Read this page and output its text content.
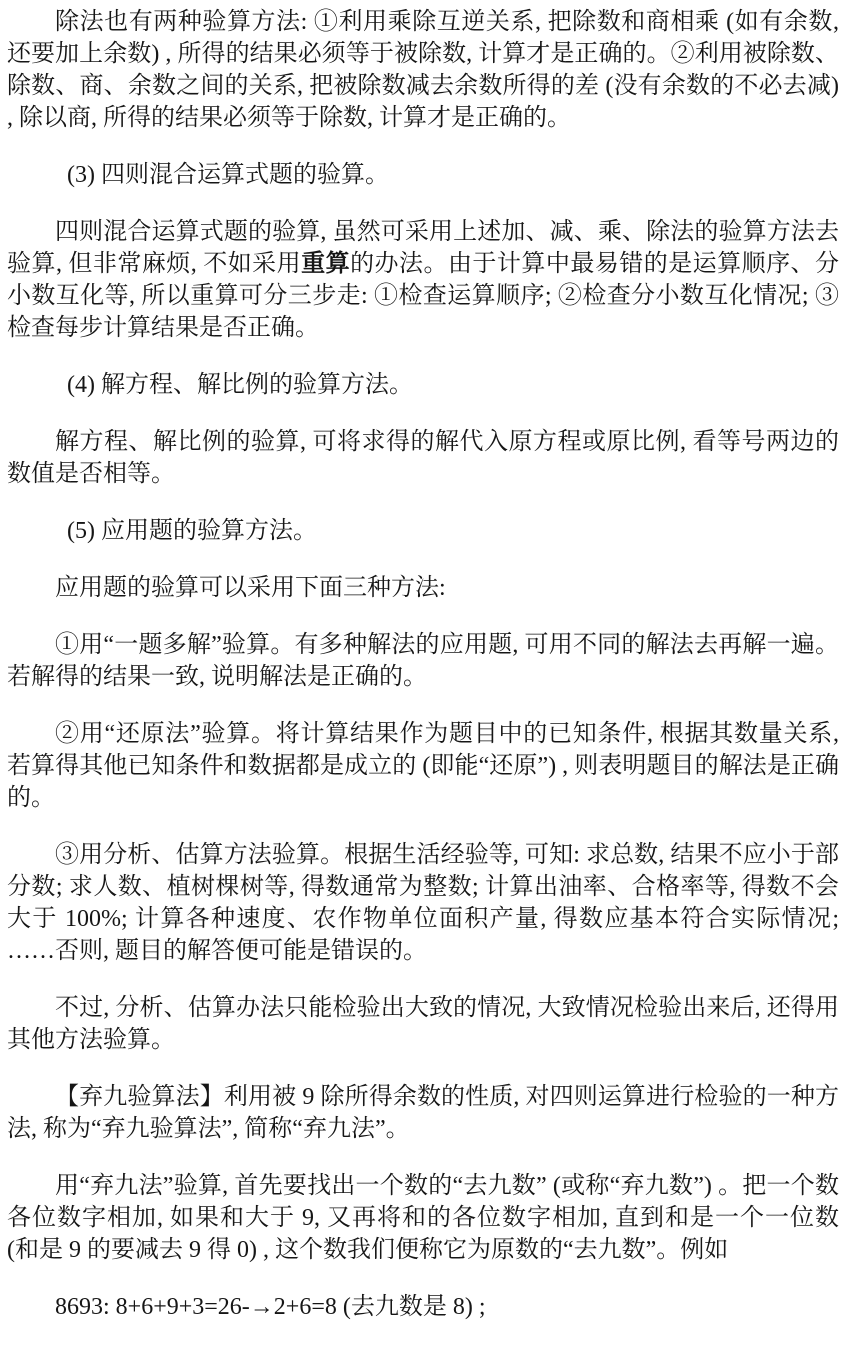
除法也有两种验算方法: ①利用乘除互逆关系, 把除数和商相乘 (如有余数, 还要加上余数) , 所得的结果必须等于被除数, 计算才是正确的。②利用被除数、除数、商、余数之间的关系, 把被除数减去余数所得的差 (没有余数的不必去减) , 除以商, 所得的结果必须等于除数, 计算才是正确的。

(3) 四则混合运算式题的验算。

四则混合运算式题的验算, 虽然可采用上述加、减、乘、除法的验算方法去验算, 但非常麻烦, 不如采用重算的办法。由于计算中最易错的是运算顺序、分小数互化等, 所以重算可分三步走: ①检查运算顺序; ②检查分小数互化情况; ③检查每步计算结果是否正确。

(4) 解方程、解比例的验算方法。

解方程、解比例的验算, 可将求得的解代入原方程或原比例, 看等号两边的数值是否相等。

(5) 应用题的验算方法。

应用题的验算可以采用下面三种方法:

①用“一题多解”验算。有多种解法的应用题, 可用不同的解法去再解一遍。若解得的结果一致, 说明解法是正确的。

②用“还原法”验算。将计算结果作为题目中的已知条件, 根据其数量关系, 若算得其他已知条件和数据都是成立的 (即能“还原”) , 则表明题目的解法是正确的。

③用分析、估算方法验算。根据生活经验等, 可知: 求总数, 结果不应小于部分数; 求人数、植树棵树等, 得数通常为整数; 计算出油率、合格率等, 得数不会大于 100%; 计算各种速度、农作物单位面积产量, 得数应基本符合实际情况; ……否则, 题目的解答便可能是错误的。

不过, 分析、估算办法只能检验出大致的情况, 大致情况检验出来后, 还得用其他方法验算。

【弃九验算法】利用被 9 除所得余数的性质, 对四则运算进行检验的一种方法, 称为“弃九验算法”, 简称“弃九法”。

用“弃九法”验算, 首先要找出一个数的“去九数” (或称“弃九数”) 。把一个数各位数字相加, 如果和大于 9, 又再将和的各位数字相加, 直到和是一个一位数 (和是 9 的要减去 9 得 0) , 这个数我们便称它为原数的“去九数”。例如

8693: 8+6+9+3=26-→2+6=8 (去九数是 8) ;
